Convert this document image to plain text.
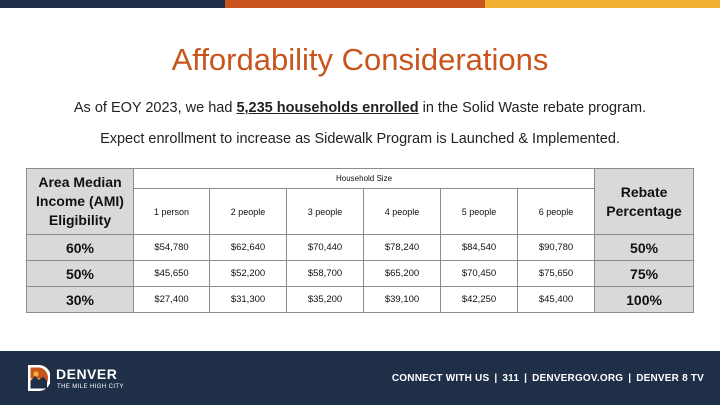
Affordability Considerations
As of EOY 2023, we had 5,235 households enrolled in the Solid Waste rebate program.
Expect enrollment to increase as Sidewalk Program is Launched & Implemented.
Area Median Income (AMI) Eligibility	Household Size						Rebate Percentage
	1 person	2 people	3 people	4 people	5 people	6 people	
60%	$54,780	$62,640	$70,440	$78,240	$84,540	$90,780	50%
50%	$45,650	$52,200	$58,700	$65,200	$70,450	$75,650	75%
30%	$27,400	$31,300	$35,200	$39,100	$42,250	$45,400	100%
DENVER
THE MILE HIGH CITY
CONNECT WITH US | 311 | DENVERGOV.ORG | DENVER 8 TV
